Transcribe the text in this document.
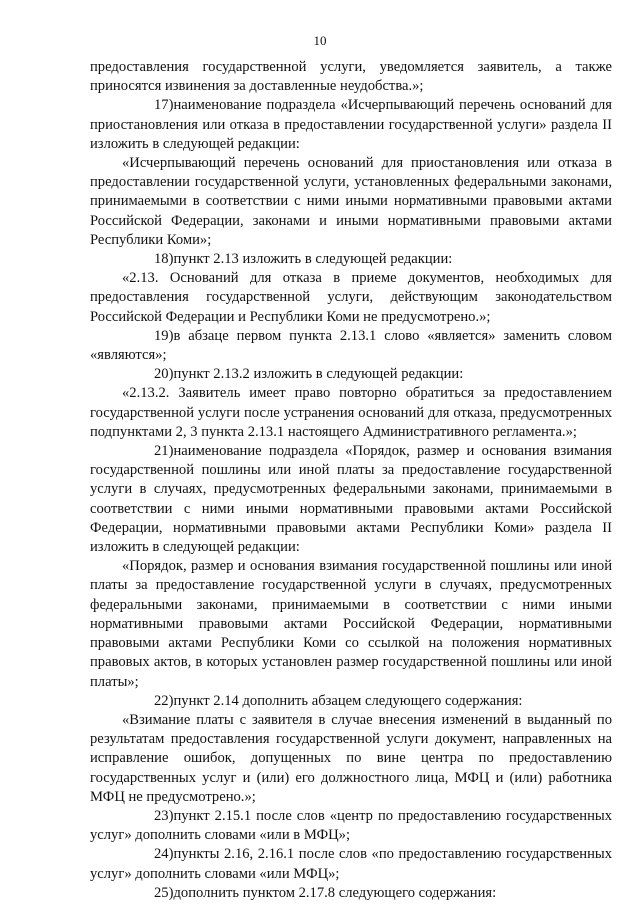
10

предоставления государственной услуги, уведомляется заявитель, а также приносятся извинения за доставленные неудобства.»;

17)наименование подраздела «Исчерпывающий перечень оснований для приостановления или отказа в предоставлении государственной услуги» раздела II изложить в следующей редакции:

«Исчерпывающий перечень оснований для приостановления или отказа в предоставлении государственной услуги, установленных федеральными законами, принимаемыми в соответствии с ними иными нормативными правовыми актами Российской Федерации, законами и иными нормативными правовыми актами Республики Коми»;

18)пункт 2.13 изложить в следующей редакции:

«2.13. Оснований для отказа в приеме документов, необходимых для предоставления государственной услуги, действующим законодательством Российской Федерации и Республики Коми не предусмотрено.»;

19)в абзаце первом пункта 2.13.1 слово «является» заменить словом «являются»;

20)пункт 2.13.2 изложить в следующей редакции:

«2.13.2. Заявитель имеет право повторно обратиться за предоставлением государственной услуги после устранения оснований для отказа, предусмотренных подпунктами 2, 3 пункта 2.13.1 настоящего Административного регламента.»;

21)наименование подраздела «Порядок, размер и основания взимания государственной пошлины или иной платы за предоставление государственной услуги в случаях, предусмотренных федеральными законами, принимаемыми в соответствии с ними иными нормативными правовыми актами Российской Федерации, нормативными правовыми актами Республики Коми» раздела II изложить в следующей редакции:

«Порядок, размер и основания взимания государственной пошлины или иной платы за предоставление государственной услуги в случаях, предусмотренных федеральными законами, принимаемыми в соответствии с ними иными нормативными правовыми актами Российской Федерации, нормативными правовыми актами Республики Коми со ссылкой на положения нормативных правовых актов, в которых установлен размер государственной пошлины или иной платы»;

22)пункт 2.14 дополнить абзацем следующего содержания:

«Взимание платы с заявителя в случае внесения изменений в выданный по результатам предоставления государственной услуги документ, направленных на исправление ошибок, допущенных по вине центра по предоставлению государственных услуг и (или) его должностного лица, МФЦ и (или) работника МФЦ не предусмотрено.»;

23)пункт 2.15.1 после слов «центр по предоставлению государственных услуг» дополнить словами «или в МФЦ»;

24)пункты 2.16, 2.16.1 после слов «по предоставлению государственных услуг» дополнить словами «или МФЦ»;

25)дополнить пунктом 2.17.8 следующего содержания:
